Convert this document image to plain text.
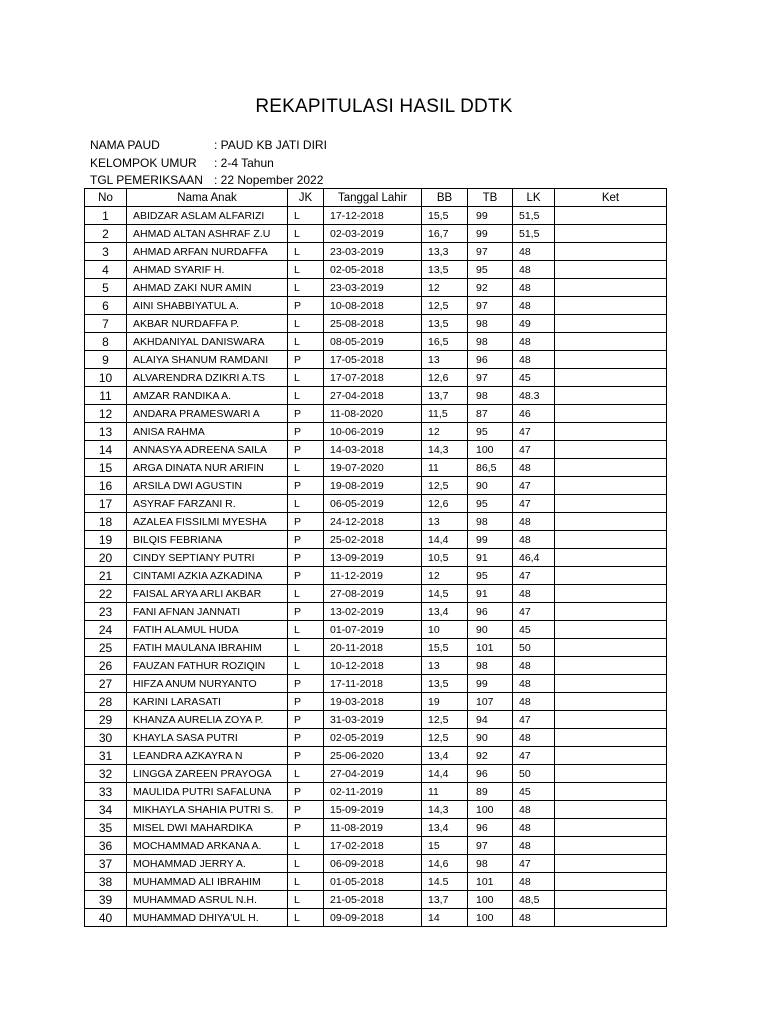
REKAPITULASI HASIL DDTK
NAMA PAUD	: PAUD KB JATI DIRI
KELOMPOK UMUR	: 2-4 Tahun
TGL PEMERIKSAAN : 22 Nopember 2022
No	Nama Anak	JK	Tanggal Lahir	BB	TB	LK	Ket
1	ABIDZAR ASLAM ALFARIZI	L	17-12-2018	15,5	99	51,5	
2	AHMAD ALTAN ASHRAF Z.U	L	02-03-2019	16,7	99	51,5	
3	AHMAD ARFAN NURDAFFA	L	23-03-2019	13,3	97	48	
4	AHMAD SYARIF H.	L	02-05-2018	13,5	95	48	
5	AHMAD ZAKI NUR AMIN	L	23-03-2019	12	92	48	
6	AINI SHABBIYATUL A.	P	10-08-2018	12,5	97	48	
7	AKBAR NURDAFFA P.	L	25-08-2018	13,5	98	49	
8	AKHDANIYAL DANISWARA	L	08-05-2019	16,5	98	48	
9	ALAIYA SHANUM RAMDANI	P	17-05-2018	13	96	48	
10	ALVARENDRA DZIKRI A.TS	L	17-07-2018	12,6	97	45	
11	AMZAR RANDIKA A.	L	27-04-2018	13,7	98	48.3	
12	ANDARA PRAMESWARI A	P	11-08-2020	11,5	87	46	
13	ANISA RAHMA	P	10-06-2019	12	95	47	
14	ANNASYA ADREENA SAILA	P	14-03-2018	14,3	100	47	
15	ARGA DINATA NUR ARIFIN	L	19-07-2020	11	86,5	48	
16	ARSILA DWI AGUSTIN	P	19-08-2019	12,5	90	47	
17	ASYRAF FARZANI R.	L	06-05-2019	12,6	95	47	
18	AZALEA FISSILMI MYESHA	P	24-12-2018	13	98	48	
19	BILQIS FEBRIANA	P	25-02-2018	14,4	99	48	
20	CINDY SEPTIANY PUTRI	P	13-09-2019	10,5	91	46,4	
21	CINTAMI AZKIA AZKADINA	P	11-12-2019	12	95	47	
22	FAISAL ARYA ARLI AKBAR	L	27-08-2019	14,5	91	48	
23	FANI AFNAN JANNATI	P	13-02-2019	13,4	96	47	
24	FATIH ALAMUL HUDA	L	01-07-2019	10	90	45	
25	FATIH MAULANA IBRAHIM	L	20-11-2018	15,5	101	50	
26	FAUZAN FATHUR ROZIQIN	L	10-12-2018	13	98	48	
27	HIFZA ANUM NURYANTO	P	17-11-2018	13,5	99	48	
28	KARINI LARASATI	P	19-03-2018	19	107	48	
29	KHANZA AURELIA ZOYA P.	P	31-03-2019	12,5	94	47	
30	KHAYLA SASA PUTRI	P	02-05-2019	12,5	90	48	
31	LEANDRA AZKAYRA N	P	25-06-2020	13,4	92	47	
32	LINGGA ZAREEN PRAYOGA	L	27-04-2019	14,4	96	50	
33	MAULIDA PUTRI SAFALUNA	P	02-11-2019	11	89	45	
34	MIKHAYLA SHAHIA PUTRI S.	P	15-09-2019	14,3	100	48	
35	MISEL DWI MAHARDIKA	P	11-08-2019	13,4	96	48	
36	MOCHAMMAD ARKANA A.	L	17-02-2018	15	97	48	
37	MOHAMMAD JERRY A.	L	06-09-2018	14,6	98	47	
38	MUHAMMAD ALI IBRAHIM	L	01-05-2018	14.5	101	48	
39	MUHAMMAD ASRUL N.H.	L	21-05-2018	13,7	100	48,5	
40	MUHAMMAD DHIYA'UL H.	L	09-09-2018	14	100	48	
